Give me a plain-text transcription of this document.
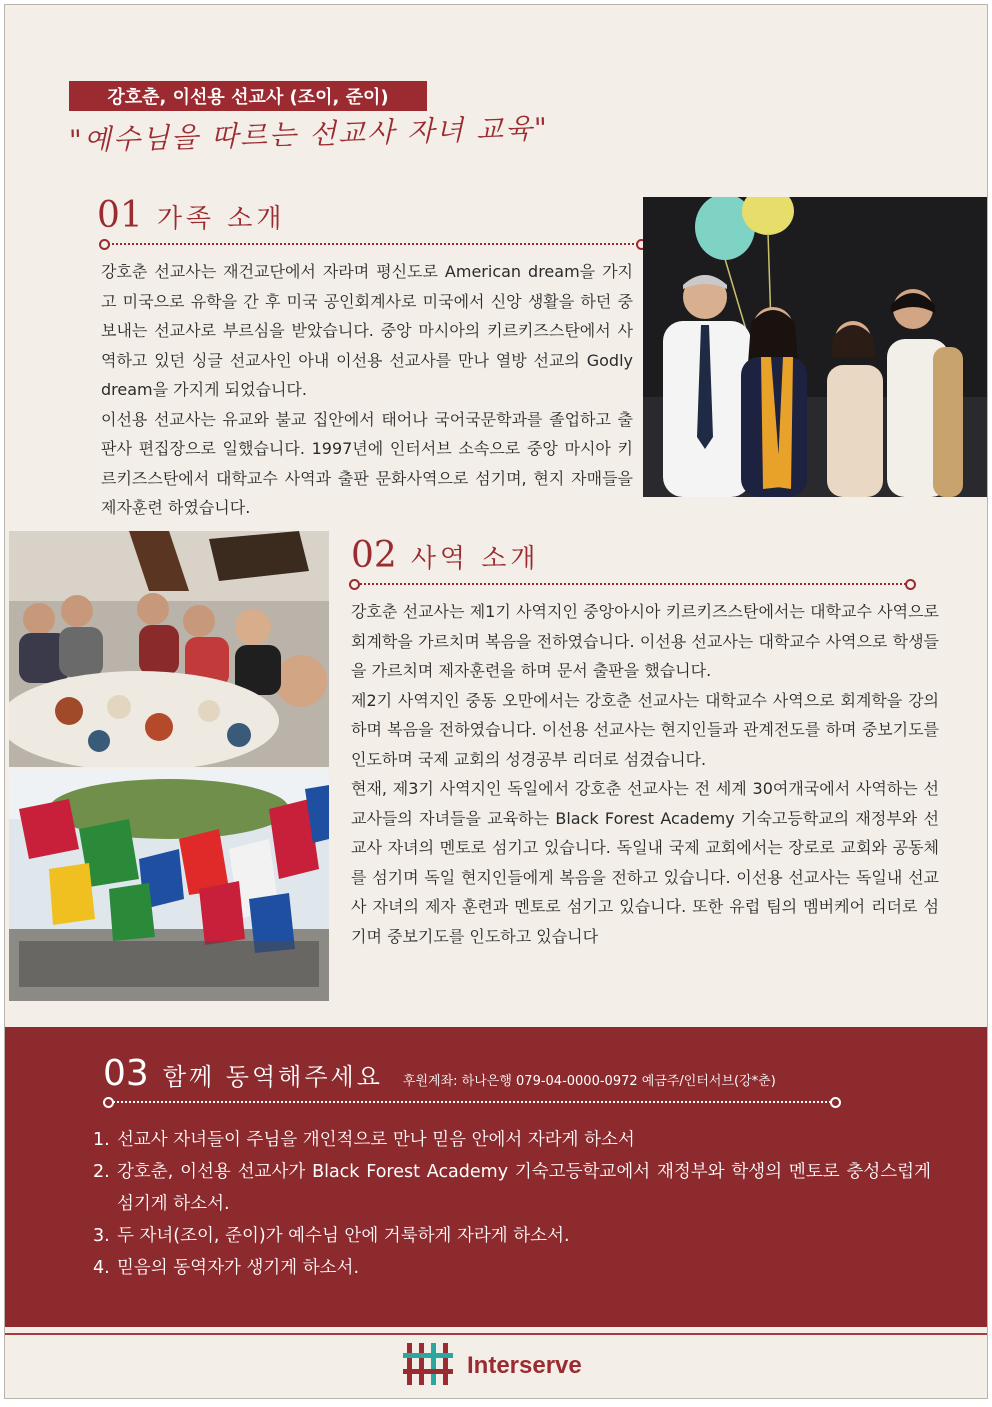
강호춘, 이선용 선교사 (조이, 준이)
"예수님을 따르는 선교사 자녀 교육"
01 가족 소개

강호춘 선교사는 재건교단에서 자라며 평신도로 American dream을 가지고 미국으로 유학을 간 후 미국 공인회계사로 미국에서 신앙 생활을 하던 중 보내는 선교사로 부르심을 받았습니다. 중앙 마시아의 키르키즈스탄에서 사역하고 있던 싱글 선교사인 아내 이선용 선교사를 만나 열방 선교의 Godly dream을 가지게 되었습니다.

이선용 선교사는 유교와 불교 집안에서 태어나 국어국문학과를 졸업하고 출판사 편집장으로 일했습니다. 1997년에 인터서브 소속으로 중앙 마시아 키르키즈스탄에서 대학교수 사역과 출판 문화사역으로 섬기며, 현지 자매들을 제자훈련 하였습니다.

02 사역 소개

강호춘 선교사는 제1기 사역지인 중앙아시아 키르키즈스탄에서는 대학교수 사역으로 회계학을 가르치며 복음을 전하였습니다. 이선용 선교사는 대학교수 사역으로 학생들을 가르치며 제자훈련을 하며 문서 출판을 했습니다.

제2기 사역지인 중동 오만에서는 강호춘 선교사는 대학교수 사역으로 회계학을 강의하며 복음을 전하였습니다. 이선용 선교사는 현지인들과 관계전도를 하며 중보기도를 인도하며 국제 교회의 성경공부 리더로 섬겼습니다.

현재, 제3기 사역지인 독일에서 강호춘 선교사는 전 세계 30여개국에서 사역하는 선교사들의 자녀들을 교육하는 Black Forest Academy 기숙고등학교의 재정부와 선교사 자녀의 멘토로 섬기고 있습니다. 독일내 국제 교회에서는 장로로 교회와 공동체를 섬기며 독일 현지인들에게 복음을 전하고 있습니다. 이선용 선교사는 독일내 선교사 자녀의 제자 훈련과 멘토로 섬기고 있습니다. 또한 유럽 팀의 멤버케어 리더로 섬기며 중보기도를 인도하고 있습니다

03 함께 동역해주세요 후원계좌: 하나은행 079-04-0000-0972 예금주/인터서브(강*춘)
1. 선교사 자녀들이 주님을 개인적으로 만나 믿음 안에서 자라게 하소서
2. 강호춘, 이선용 선교사가 Black Forest Academy 기숙고등학교에서 재정부와 학생의 멘토로 충성스럽게 섬기게 하소서.
3. 두 자녀(조이, 준이)가 예수님 안에 거룩하게 자라게 하소서.
4. 믿음의 동역자가 생기게 하소서.
Interserve
